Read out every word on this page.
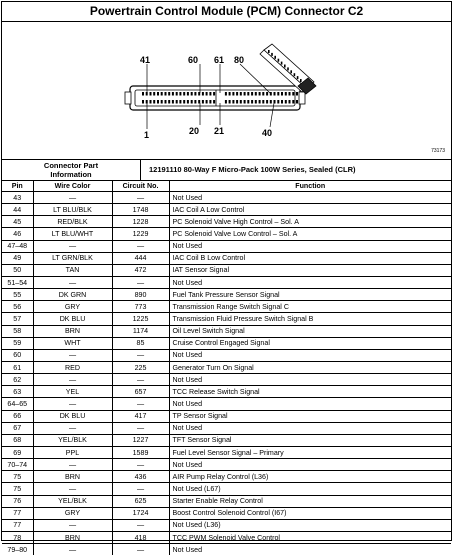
Powertrain Control Module (PCM) Connector C2
41	60 61 80
1	20 21	40
73173
Connector Part
Information
12191110 80-Way F Micro-Pack 100W Series, Sealed (CLR)
Pin	Wire Color	Circuit No.	Function
43	—	—	Not Used
44	LT BLU/BLK	1748	IAC Coil A Low Control
45	RED/BLK	1228	PC Solenoid Valve High Control – Sol. A
46	LT BLU/WHT	1229	PC Solenoid Valve Low Control – Sol. A
47–48	—	—	Not Used
49	LT GRN/BLK	444	IAC Coil B Low Control
50	TAN	472	IAT Sensor Signal
51–54	—	—	Not Used
55	DK GRN	890	Fuel Tank Pressure Sensor Signal
56	GRY	773	Transmission Range Switch Signal C
57	DK BLU	1225	Transmission Fluid Pressure Switch Signal B
58	BRN	1174	Oil Level Switch Signal
59	WHT	85	Cruise Control Engaged Signal
60	—	—	Not Used
61	RED	225	Generator Turn On Signal
62	—	—	Not Used
63	YEL	657	TCC Release Switch Signal
64–65	—	—	Not Used
66	DK BLU	417	TP Sensor Signal
67	—	—	Not Used
68	YEL/BLK	1227	TFT Sensor Signal
69	PPL	1589	Fuel Level Sensor Signal – Primary
70–74	—	—	Not Used
75	BRN	436	AIR Pump Relay Control (L36)
75	—	—	Not Used (L67)
76	YEL/BLK	625	Starter Enable Relay Control
77	GRY	1724	Boost Control Solenoid Control (I67)
77	—	—	Not Used (L36)
78	BRN	418	TCC PWM Solenoid Valve Control
79–80	—	—	Not Used
